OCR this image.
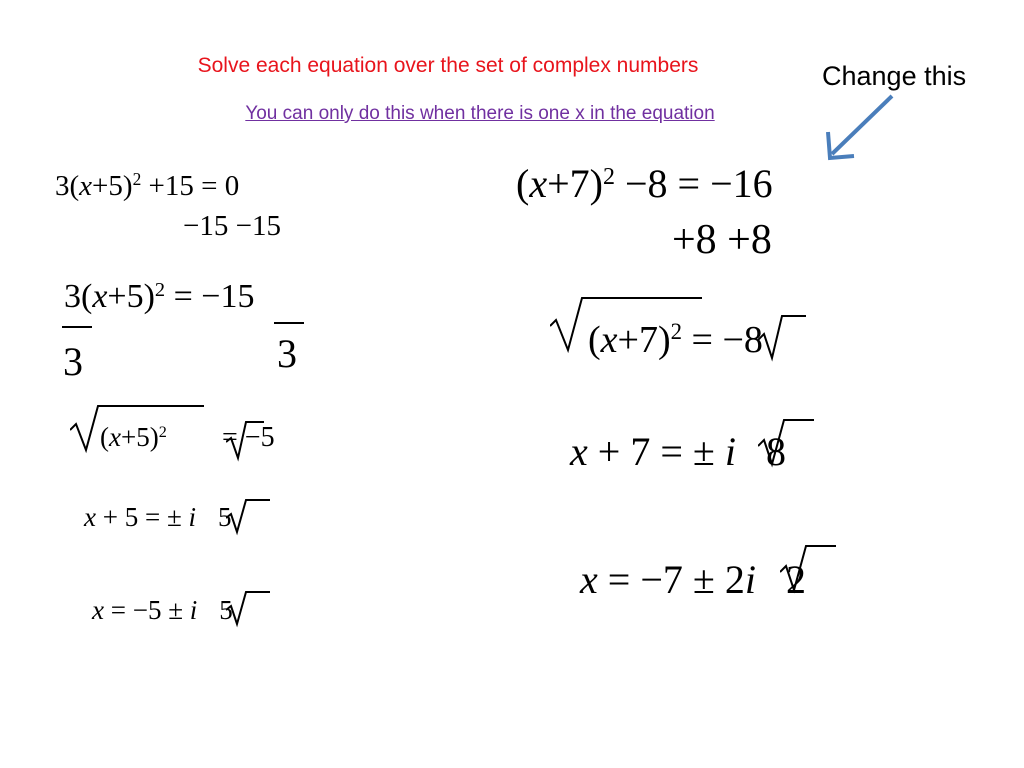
Solve each equation over the set of complex numbers
You can only do this when there is one x in the equation
Change this
$3(x+5)^2 +15 = 0$
−15 −15
$3(x+5)^2 = -15$
3	3
$(x+5)^2 = -5$
x + 5 = ± i 5
x = −5 ± i 5
$(x+7)^2 -8 = -16$
+8 +8
$(x+7)^2 = -8$
x + 7 = ± i 8
x = −7 ± 2i 2
